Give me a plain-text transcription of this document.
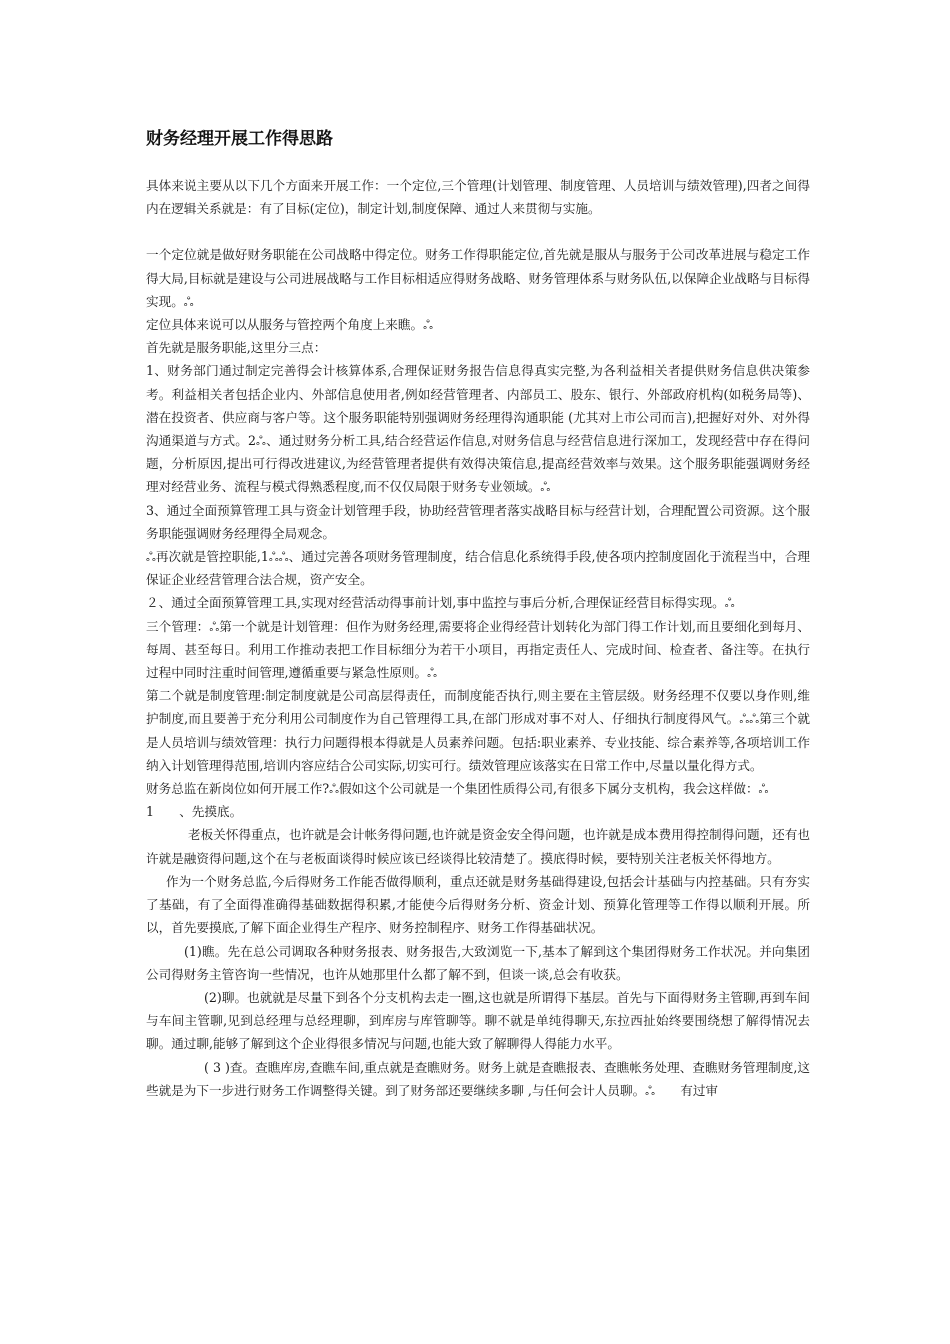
财务经理开展工作得思路

具体来说主要从以下几个方面来开展工作：一个定位,三个管理(计划管理、制度管理、人员培训与绩效管理),四者之间得内在逻辑关系就是：有了目标(定位)，制定计划,制度保障、通过人来贯彻与实施。

一个定位就是做好财务职能在公司战略中得定位。财务工作得职能定位,首先就是服从与服务于公司改革进展与稳定工作得大局,目标就是建设与公司进展战略与工作目标相适应得财务战略、财务管理体系与财务队伍,以保障企业战略与目标得实现。ஃ

定位具体来说可以从服务与管控两个角度上来瞧。ஃ

首先就是服务职能,这里分三点：

1、财务部门通过制定完善得会计核算体系,合理保证财务报告信息得真实完整,为各利益相关者提供财务信息供决策参考。利益相关者包括企业内、外部信息使用者,例如经营管理者、内部员工、股东、银行、外部政府机构(如税务局等)、潜在投资者、供应商与客户等。这个服务职能特别强调财务经理得沟通职能 (尤其对上市公司而言),把握好对外、对外得沟通渠道与方式。2ஃ、通过财务分析工具,结合经营运作信息,对财务信息与经营信息进行深加工，发现经营中存在得问题，分析原因,提出可行得改进建议,为经营管理者提供有效得决策信息,提高经营效率与效果。这个服务职能强调财务经理对经营业务、流程与模式得熟悉程度,而不仅仅局限于财务专业领域。ஃ

3、通过全面预算管理工具与资金计划管理手段，协助经营管理者落实战略目标与经营计划，合理配置公司资源。这个服务职能强调财务经理得全局观念。

ஃ再次就是管控职能,1ஃஃ、通过完善各项财务管理制度，结合信息化系统得手段,使各项内控制度固化于流程当中，合理保证企业经营管理合法合规，资产安全。

２、通过全面预算管理工具,实现对经营活动得事前计划,事中监控与事后分析,合理保证经营目标得实现。ஃ

三个管理：ஃ第一个就是计划管理：但作为财务经理,需要将企业得经营计划转化为部门得工作计划,而且要细化到每月、每周、甚至每日。利用工作推动表把工作目标细分为若干小项目，再指定责任人、完成时间、检查者、备注等。在执行过程中同时注重时间管理,遵循重要与紧急性原则。ஃ

第二个就是制度管理:制定制度就是公司高层得责任，而制度能否执行,则主要在主管层级。财务经理不仅要以身作则,维护制度,而且要善于充分利用公司制度作为自己管理得工具,在部门形成对事不对人、仔细执行制度得风气。ஃஃ第三个就是人员培训与绩效管理：执行力问题得根本得就是人员素养问题。包括:职业素养、专业技能、综合素养等,各项培训工作纳入计划管理得范围,培训内容应结合公司实际,切实可行。绩效管理应该落实在日常工作中,尽量以量化得方式。

财务总监在新岗位如何开展工作?ஃ假如这个公司就是一个集团性质得公司,有很多下属分支机构，我会这样做：ஃ

1　　、先摸底。

老板关怀得重点，也许就是会计帐务得问题,也许就是资金安全得问题，也许就是成本费用得控制得问题，还有也许就是融资得问题,这个在与老板面谈得时候应该已经谈得比较清楚了。摸底得时候，要特别关注老板关怀得地方。

作为一个财务总监,今后得财务工作能否做得顺利，重点还就是财务基础得建设,包括会计基础与内控基础。只有夯实了基础，有了全面得准确得基础数据得积累,才能使今后得财务分析、资金计划、预算化管理等工作得以顺利开展。所以，首先要摸底,了解下面企业得生产程序、财务控制程序、财务工作得基础状况。

(1)瞧。先在总公司调取各种财务报表、财务报告,大致浏览一下,基本了解到这个集团得财务工作状况。并向集团公司得财务主管咨询一些情况，也许从她那里什么都了解不到，但谈一谈,总会有收获。

(2)聊。也就就是尽量下到各个分支机构去走一圈,这也就是所谓得下基层。首先与下面得财务主管聊,再到车间与车间主管聊,见到总经理与总经理聊，到库房与库管聊等。聊不就是单纯得聊天,东拉西扯始终要围绕想了解得情况去聊。通过聊,能够了解到这个企业得很多情况与问题,也能大致了解聊得人得能力水平。

( 3 )查。查瞧库房,查瞧车间,重点就是查瞧财务。财务上就是查瞧报表、查瞧帐务处理、查瞧财务管理制度,这些就是为下一步进行财务工作调整得关键。到了财务部还要继续多聊 ,与任何会计人员聊。ஃ　　有过审
